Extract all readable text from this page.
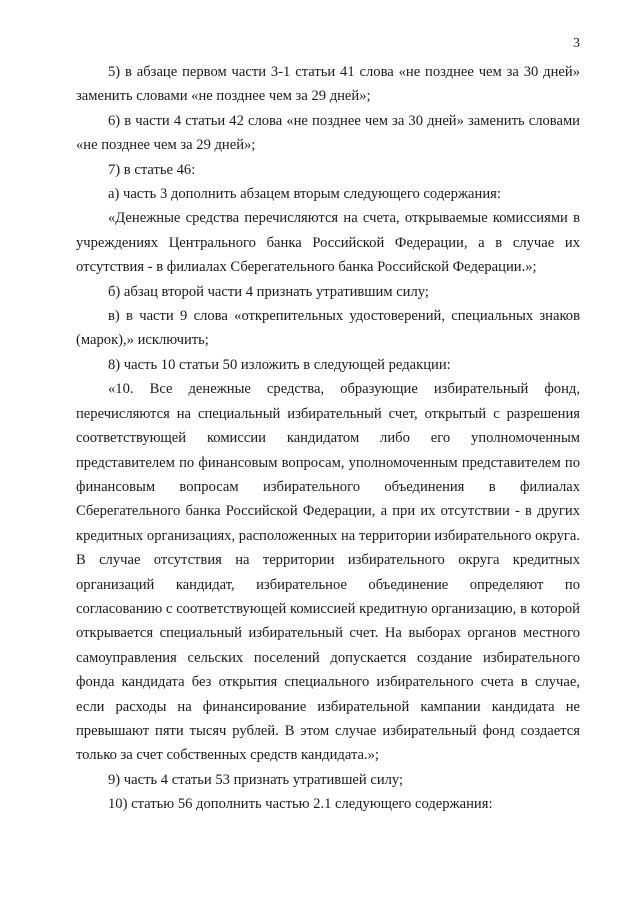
3

5) в абзаце первом части 3-1 статьи 41 слова «не позднее чем за 30 дней» заменить словами «не позднее чем за 29 дней»;

6) в части 4 статьи 42 слова «не позднее чем за 30 дней» заменить словами «не позднее чем за 29 дней»;

7) в статье 46:

а) часть 3 дополнить абзацем вторым следующего содержания:

«Денежные средства перечисляются на счета, открываемые комиссиями в учреждениях Центрального банка Российской Федерации, а в случае их отсутствия - в филиалах Сберегательного банка Российской Федерации.»;

б) абзац второй части 4 признать утратившим силу;

в) в части 9 слова «открепительных удостоверений, специальных знаков (марок),» исключить;

8) часть 10 статьи 50 изложить в следующей редакции:

«10. Все денежные средства, образующие избирательный фонд, перечисляются на специальный избирательный счет, открытый с разрешения соответствующей комиссии кандидатом либо его уполномоченным представителем по финансовым вопросам, уполномоченным представителем по финансовым вопросам избирательного объединения в филиалах Сберегательного банка Российской Федерации, а при их отсутствии - в других кредитных организациях, расположенных на территории избирательного округа. В случае отсутствия на территории избирательного округа кредитных организаций кандидат, избирательное объединение определяют по согласованию с соответствующей комиссией кредитную организацию, в которой открывается специальный избирательный счет. На выборах органов местного самоуправления сельских поселений допускается создание избирательного фонда кандидата без открытия специального избирательного счета в случае, если расходы на финансирование избирательной кампании кандидата не превышают пяти тысяч рублей. В этом случае избирательный фонд создается только за счет собственных средств кандидата.»;

9) часть 4 статьи 53 признать утратившей силу;

10) статью 56 дополнить частью 2.1 следующего содержания:
